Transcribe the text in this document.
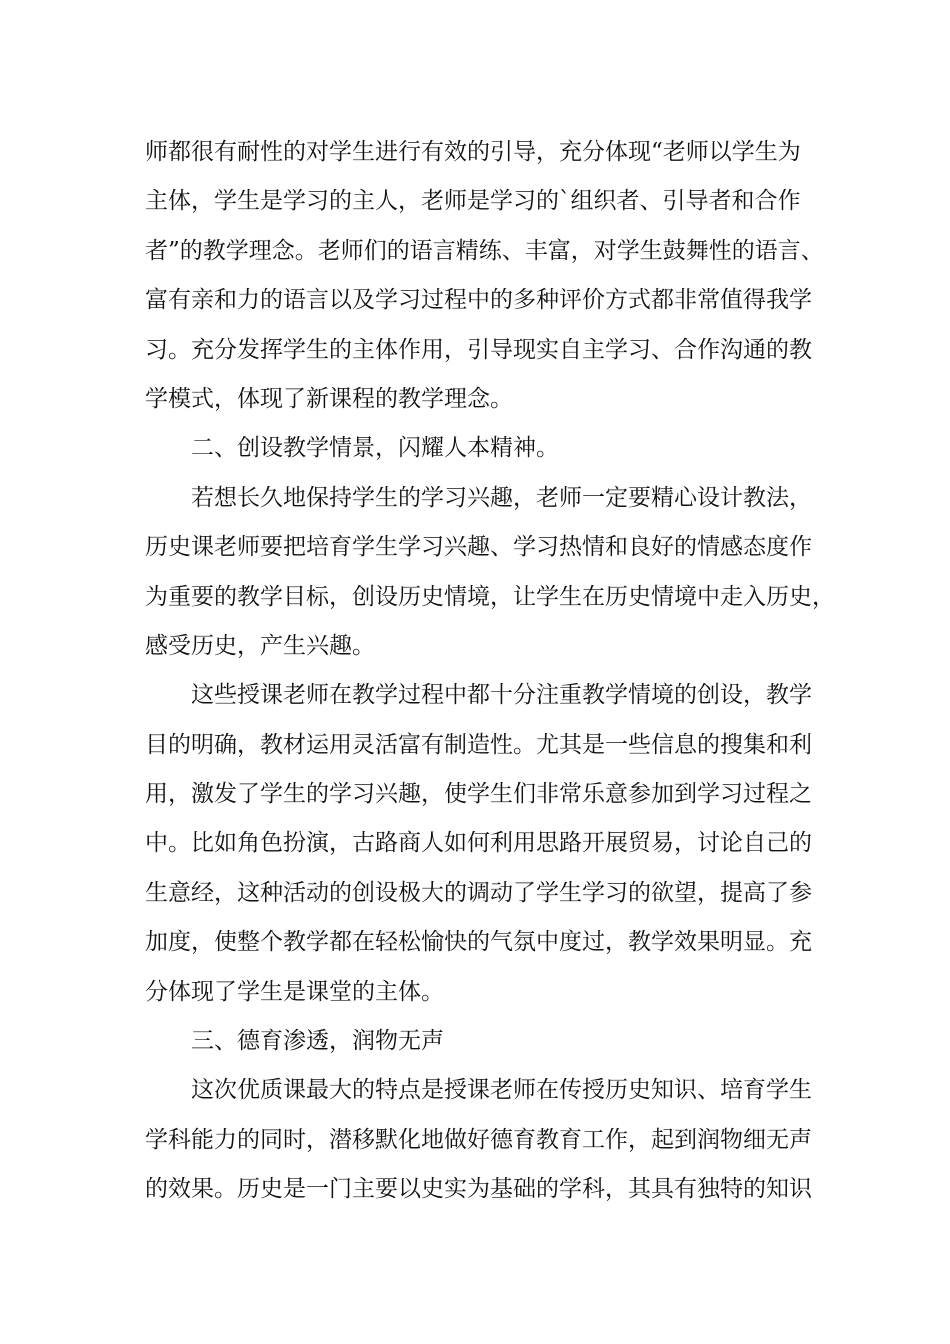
师都很有耐性的对学生进行有效的引导，充分体现“老师以学生为
主体，学生是学习的主人，老师是学习的`组织者、引导者和合作
者”的教学理念。老师们的语言精练、丰富，对学生鼓舞性的语言、
富有亲和力的语言以及学习过程中的多种评价方式都非常值得我学
习。充分发挥学生的主体作用，引导现实自主学习、合作沟通的教
学模式，体现了新课程的教学理念。
二、创设教学情景，闪耀人本精神。
若想长久地保持学生的学习兴趣，老师一定要精心设计教法，
历史课老师要把培育学生学习兴趣、学习热情和良好的情感态度作
为重要的教学目标，创设历史情境，让学生在历史情境中走入历史，
感受历史，产生兴趣。
这些授课老师在教学过程中都十分注重教学情境的创设，教学
目的明确，教材运用灵活富有制造性。尤其是一些信息的搜集和利
用，激发了学生的学习兴趣，使学生们非常乐意参加到学习过程之
中。比如角色扮演，古路商人如何利用思路开展贸易，讨论自己的
生意经，这种活动的创设极大的调动了学生学习的欲望，提高了参
加度，使整个教学都在轻松愉快的气氛中度过，教学效果明显。充
分体现了学生是课堂的主体。
三、德育渗透，润物无声
这次优质课最大的特点是授课老师在传授历史知识、培育学生
学科能力的同时，潜移默化地做好德育教育工作，起到润物细无声
的效果。历史是一门主要以史实为基础的学科，其具有独特的知识
